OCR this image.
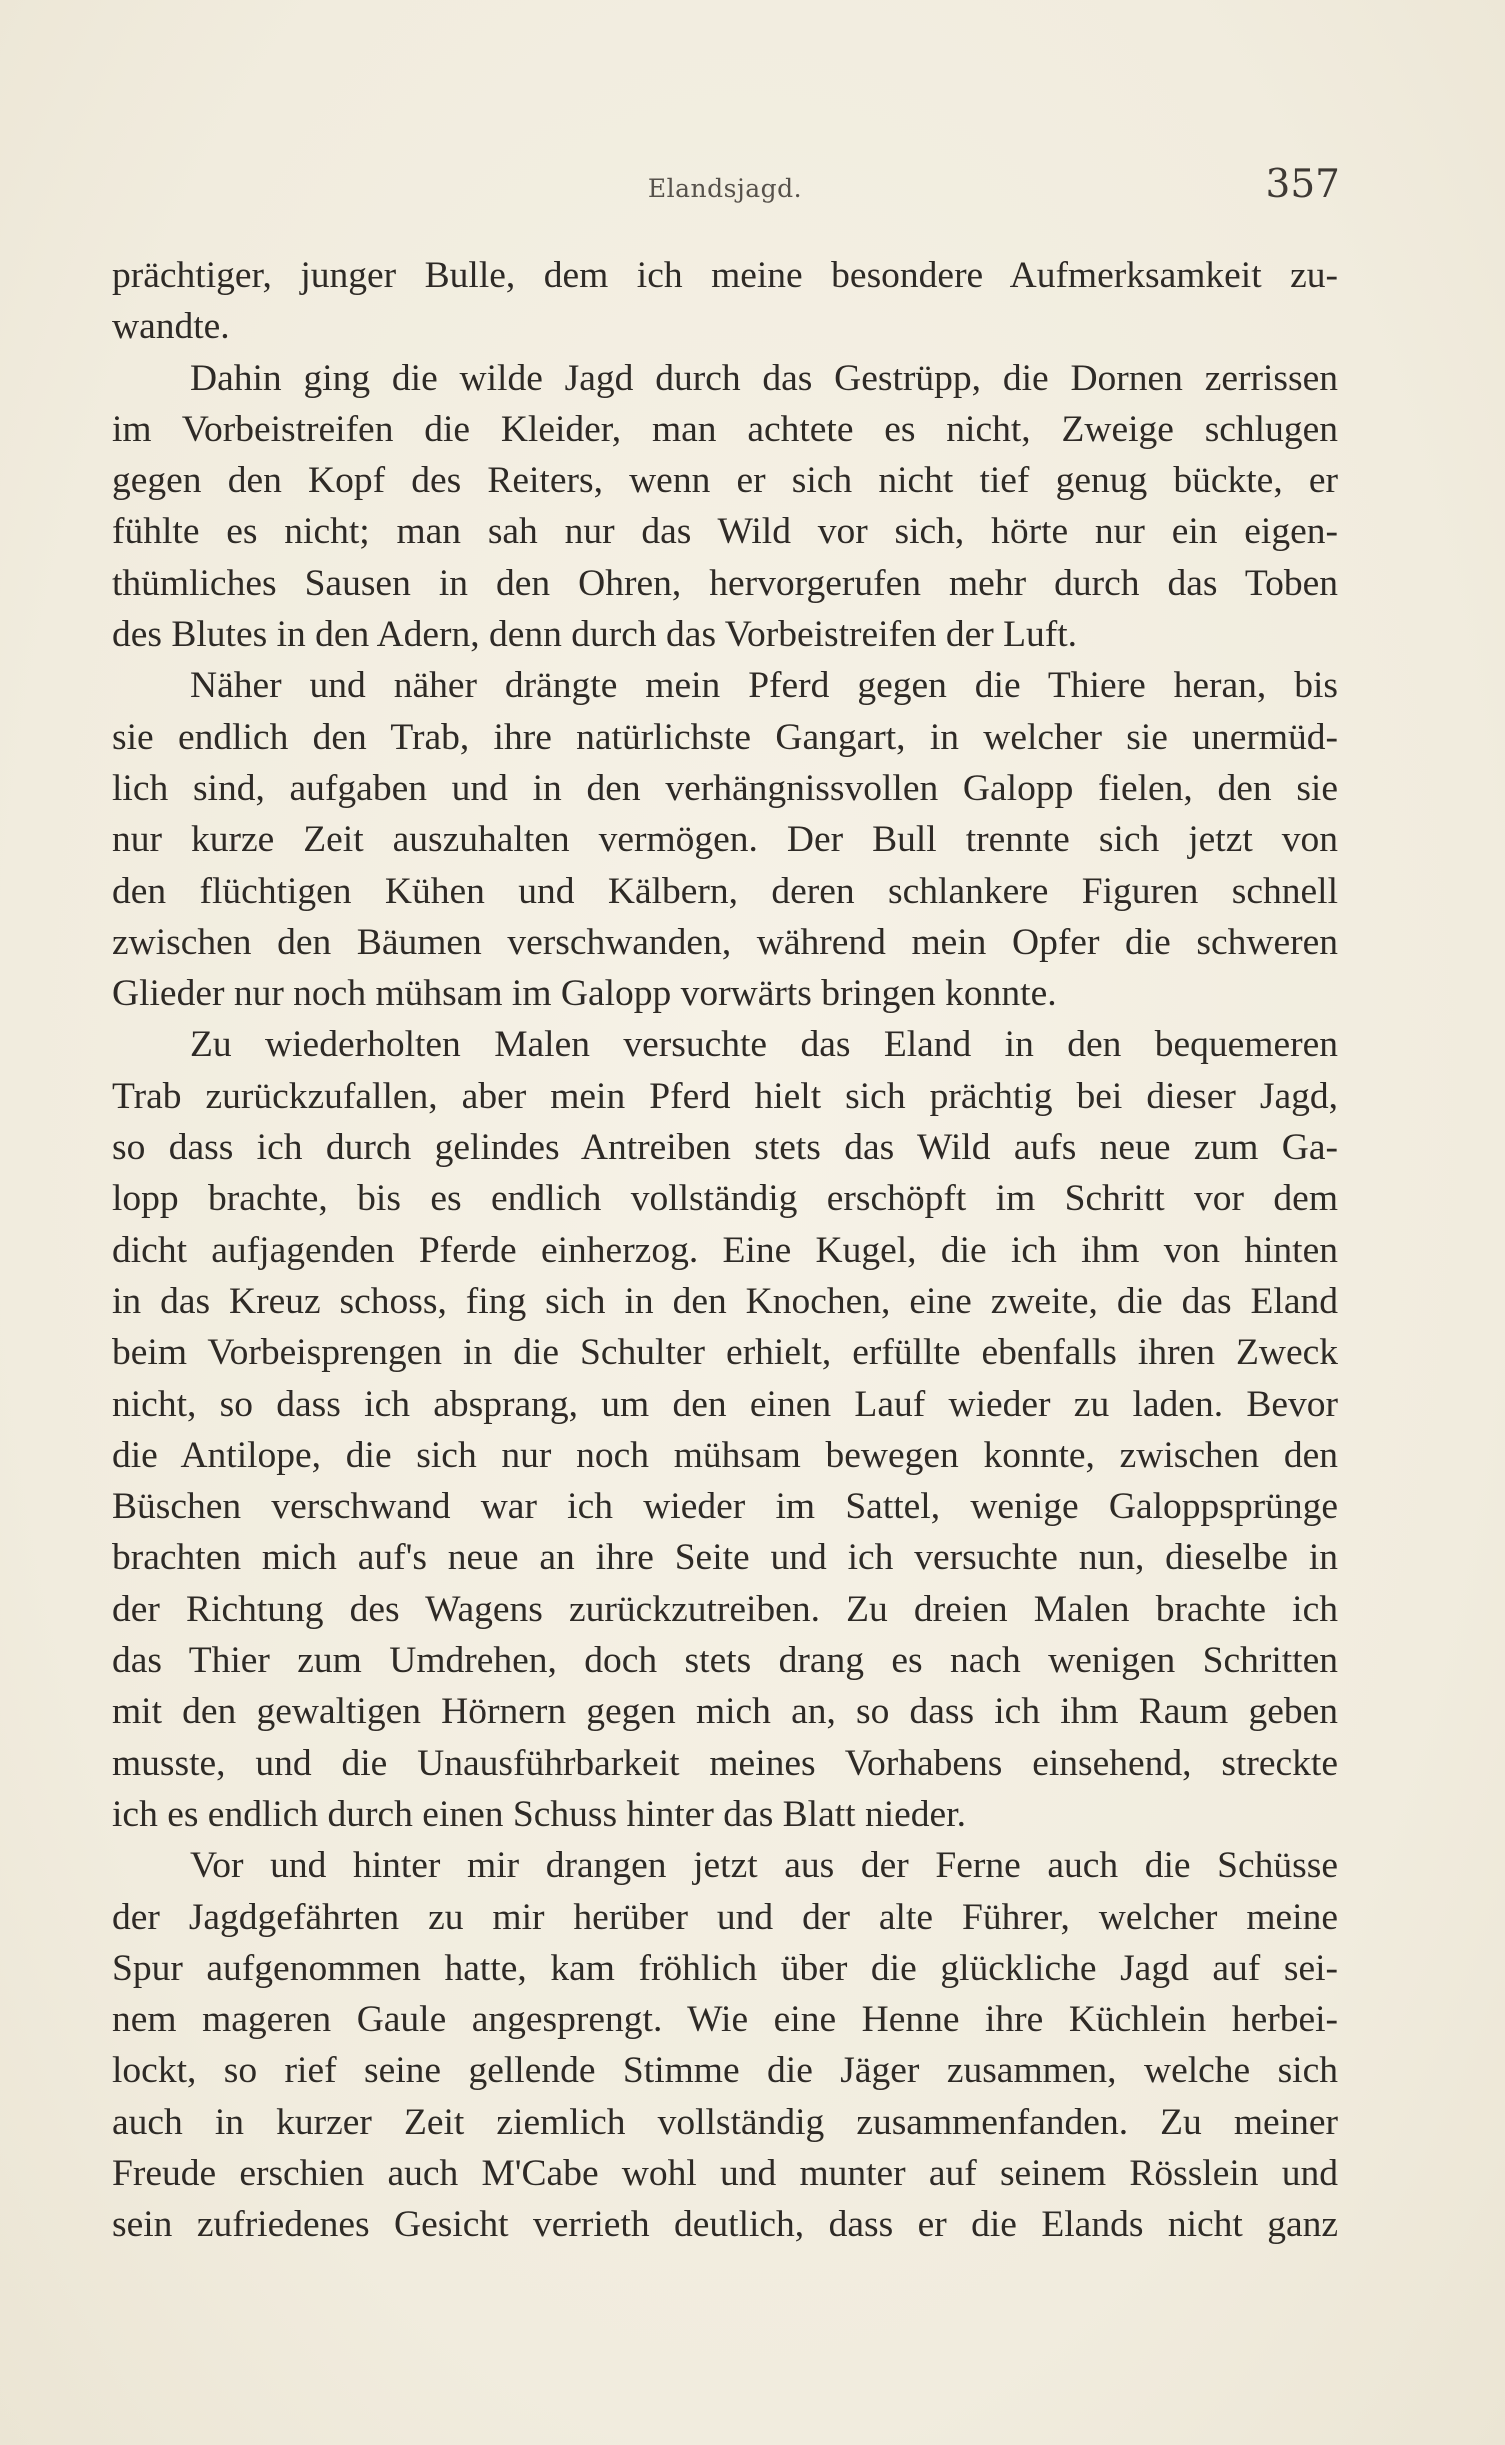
Elandsjagd.	357
prächtiger, junger Bulle, dem ich meine besondere Aufmerksamkeit zu-
wandte.
Dahin ging die wilde Jagd durch das Gestrüpp, die Dornen zerrissen
im Vorbeistreifen die Kleider, man achtete es nicht, Zweige schlugen
gegen den Kopf des Reiters, wenn er sich nicht tief genug bückte, er
fühlte es nicht; man sah nur das Wild vor sich, hörte nur ein eigen-
thümliches Sausen in den Ohren, hervorgerufen mehr durch das Toben
des Blutes in den Adern, denn durch das Vorbeistreifen der Luft.
Näher und näher drängte mein Pferd gegen die Thiere heran, bis
sie endlich den Trab, ihre natürlichste Gangart, in welcher sie unermüd-
lich sind, aufgaben und in den verhängnissvollen Galopp fielen, den sie
nur kurze Zeit auszuhalten vermögen. Der Bull trennte sich jetzt von
den flüchtigen Kühen und Kälbern, deren schlankere Figuren schnell
zwischen den Bäumen verschwanden, während mein Opfer die schweren
Glieder nur noch mühsam im Galopp vorwärts bringen konnte.
Zu wiederholten Malen versuchte das Eland in den bequemeren
Trab zurückzufallen, aber mein Pferd hielt sich prächtig bei dieser Jagd,
so dass ich durch gelindes Antreiben stets das Wild aufs neue zum Ga-
lopp brachte, bis es endlich vollständig erschöpft im Schritt vor dem
dicht aufjagenden Pferde einherzog. Eine Kugel, die ich ihm von hinten
in das Kreuz schoss, fing sich in den Knochen, eine zweite, die das Eland
beim Vorbeisprengen in die Schulter erhielt, erfüllte ebenfalls ihren Zweck
nicht, so dass ich absprang, um den einen Lauf wieder zu laden. Bevor
die Antilope, die sich nur noch mühsam bewegen konnte, zwischen den
Büschen verschwand war ich wieder im Sattel, wenige Galoppsprünge
brachten mich auf's neue an ihre Seite und ich versuchte nun, dieselbe in
der Richtung des Wagens zurückzutreiben. Zu dreien Malen brachte ich
das Thier zum Umdrehen, doch stets drang es nach wenigen Schritten
mit den gewaltigen Hörnern gegen mich an, so dass ich ihm Raum geben
musste, und die Unausführbarkeit meines Vorhabens einsehend, streckte
ich es endlich durch einen Schuss hinter das Blatt nieder.
Vor und hinter mir drangen jetzt aus der Ferne auch die Schüsse
der Jagdgefährten zu mir herüber und der alte Führer, welcher meine
Spur aufgenommen hatte, kam fröhlich über die glückliche Jagd auf sei-
nem mageren Gaule angesprengt. Wie eine Henne ihre Küchlein herbei-
lockt, so rief seine gellende Stimme die Jäger zusammen, welche sich
auch in kurzer Zeit ziemlich vollständig zusammenfanden. Zu meiner
Freude erschien auch M'Cabe wohl und munter auf seinem Rösslein und
sein zufriedenes Gesicht verrieth deutlich, dass er die Elands nicht ganz
